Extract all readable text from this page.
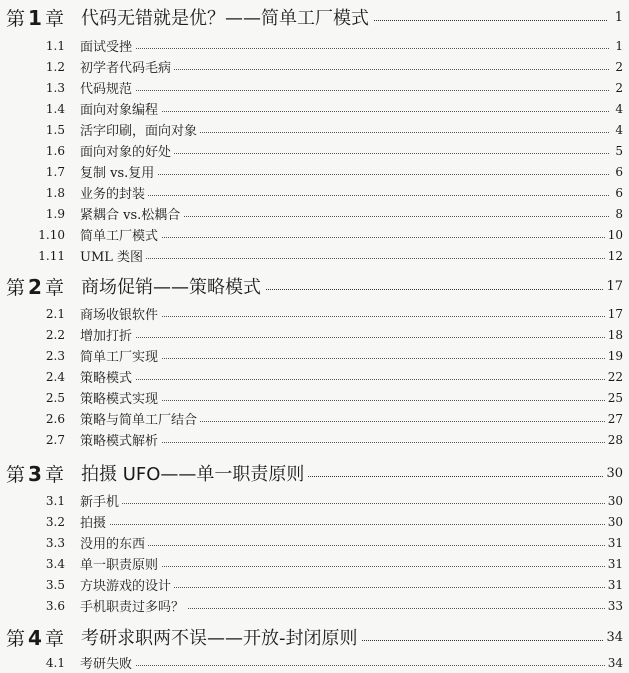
第 1 章 代码无错就是优？——简单工厂模式	1
1.1 面试受挫	1
1.2 初学者代码毛病	2
1.3 代码规范	2
1.4 面向对象编程	4
1.5 活字印刷，面向对象	4
1.6 面向对象的好处	5
1.7 复制 vs.复用	6
1.8 业务的封装	6
1.9 紧耦合 vs.松耦合	8
1.10 简单工厂模式	10
1.11 UML 类图	12
第 2 章 商场促销——策略模式	17
2.1 商场收银软件	17
2.2 增加打折	18
2.3 简单工厂实现	19
2.4 策略模式	22
2.5 策略模式实现	25
2.6 策略与简单工厂结合	27
2.7 策略模式解析	28
第 3 章 拍摄 UFO——单一职责原则	30
3.1 新手机	30
3.2 拍摄	30
3.3 没用的东西	31
3.4 单一职责原则	31
3.5 方块游戏的设计	31
3.6 手机职责过多吗？	33
第 4 章 考研求职两不误——开放-封闭原则	34
4.1 考研失败	34
